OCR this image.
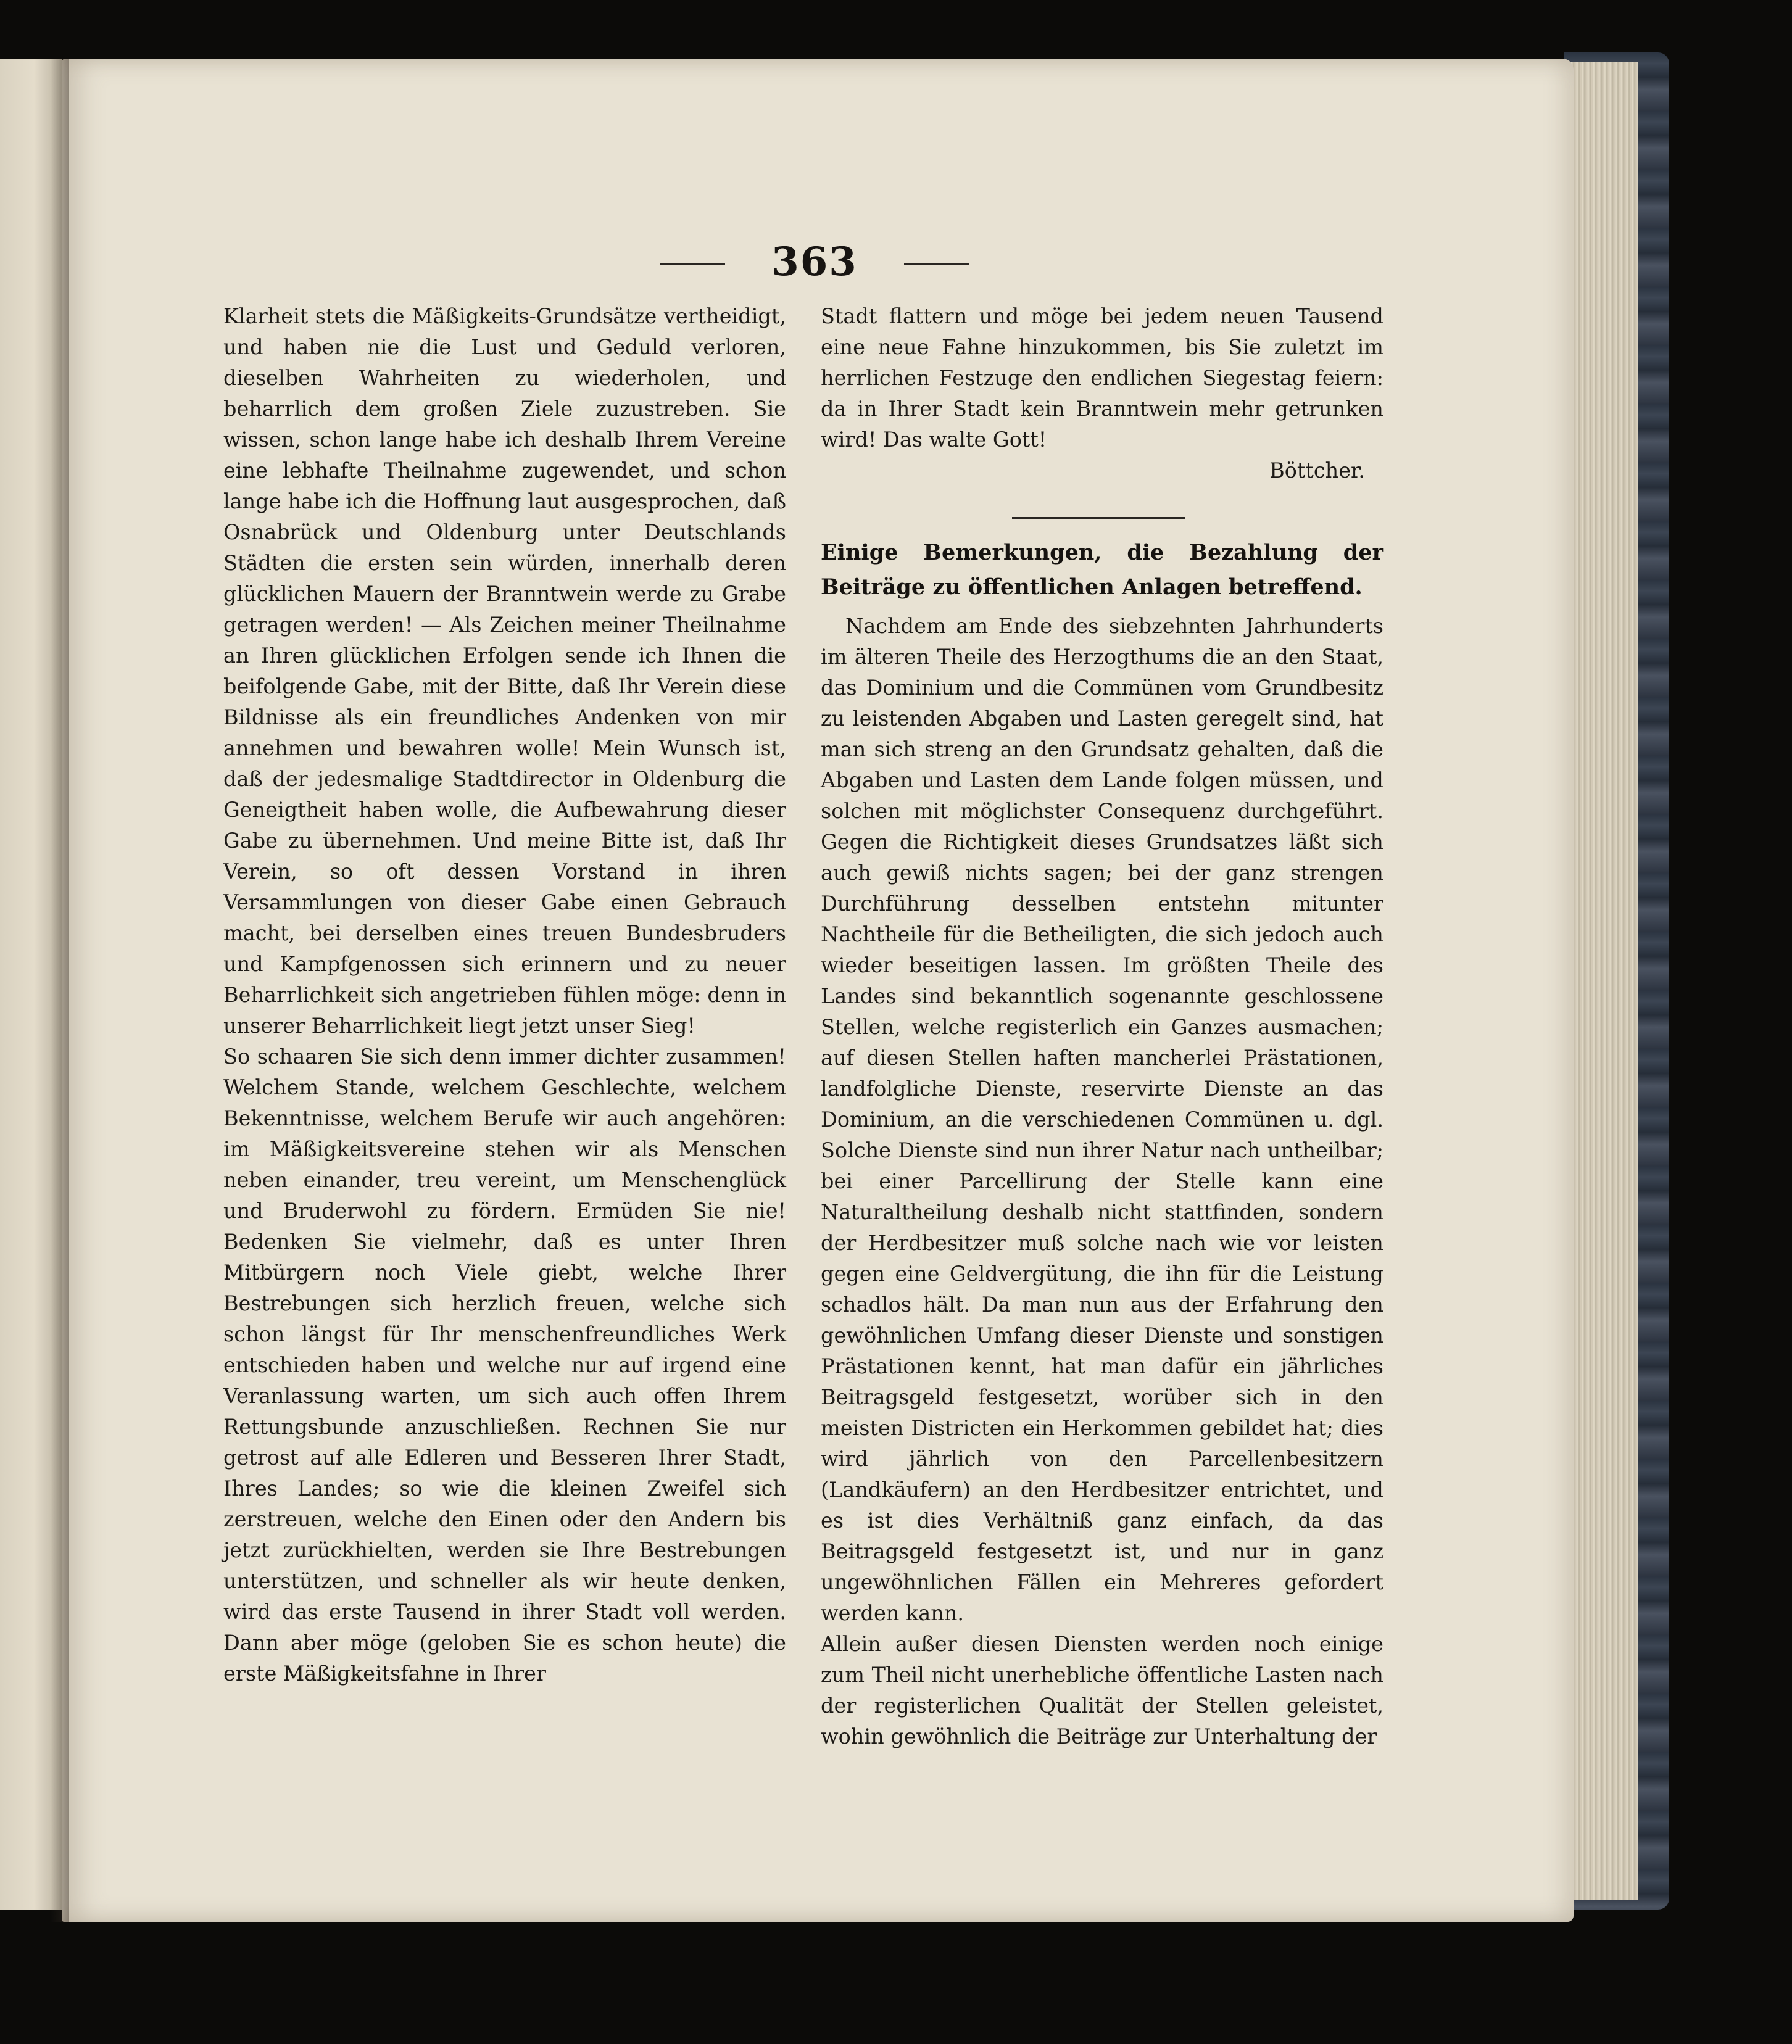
363

Klarheit stets die Mäßigkeits-Grundsätze vertheidigt, und haben nie die Lust und Geduld verloren, dieselben Wahrheiten zu wiederholen, und beharrlich dem großen Ziele zuzustreben. Sie wissen, schon lange habe ich deshalb Ihrem Vereine eine lebhafte Theilnahme zugewendet, und schon lange habe ich die Hoffnung laut ausgesprochen, daß Osnabrück und Oldenburg unter Deutschlands Städten die ersten sein würden, innerhalb deren glücklichen Mauern der Branntwein werde zu Grabe getragen werden! — Als Zeichen meiner Theilnahme an Ihren glücklichen Erfolgen sende ich Ihnen die beifolgende Gabe, mit der Bitte, daß Ihr Verein diese Bildnisse als ein freundliches Andenken von mir annehmen und bewahren wolle! Mein Wunsch ist, daß der jedesmalige Stadtdirector in Oldenburg die Geneigtheit haben wolle, die Aufbewahrung dieser Gabe zu übernehmen. Und meine Bitte ist, daß Ihr Verein, so oft dessen Vorstand in ihren Versammlungen von dieser Gabe einen Gebrauch macht, bei derselben eines treuen Bundesbruders und Kampfgenossen sich erinnern und zu neuer Beharrlichkeit sich angetrieben fühlen möge: denn in unserer Beharrlichkeit liegt jetzt unser Sieg!

So schaaren Sie sich denn immer dichter zusammen! Welchem Stande, welchem Geschlechte, welchem Bekenntnisse, welchem Berufe wir auch angehören: im Mäßigkeitsvereine stehen wir als Menschen neben einander, treu vereint, um Menschenglück und Bruderwohl zu fördern. Ermüden Sie nie! Bedenken Sie vielmehr, daß es unter Ihren Mitbürgern noch Viele giebt, welche Ihrer Bestrebungen sich herzlich freuen, welche sich schon längst für Ihr menschenfreundliches Werk entschieden haben und welche nur auf irgend eine Veranlassung warten, um sich auch offen Ihrem Rettungsbunde anzuschließen. Rechnen Sie nur getrost auf alle Edleren und Besseren Ihrer Stadt, Ihres Landes; so wie die kleinen Zweifel sich zerstreuen, welche den Einen oder den Andern bis jetzt zurückhielten, werden sie Ihre Bestrebungen unterstützen, und schneller als wir heute denken, wird das erste Tausend in ihrer Stadt voll werden. Dann aber möge (geloben Sie es schon heute) die erste Mäßigkeitsfahne in Ihrer

Stadt flattern und möge bei jedem neuen Tausend eine neue Fahne hinzukommen, bis Sie zuletzt im herrlichen Festzuge den endlichen Siegestag feiern: da in Ihrer Stadt kein Branntwein mehr getrunken wird! Das walte Gott!

Böttcher.

Einige Bemerkungen, die Bezahlung der Beiträge zu öffentlichen Anlagen betreffend.

Nachdem am Ende des siebzehnten Jahrhunderts im älteren Theile des Herzogthums die an den Staat, das Dominium und die Commünen vom Grundbesitz zu leistenden Abgaben und Lasten geregelt sind, hat man sich streng an den Grundsatz gehalten, daß die Abgaben und Lasten dem Lande folgen müssen, und solchen mit möglichster Consequenz durchgeführt. Gegen die Richtigkeit dieses Grundsatzes läßt sich auch gewiß nichts sagen; bei der ganz strengen Durchführung desselben entstehn mitunter Nachtheile für die Betheiligten, die sich jedoch auch wieder beseitigen lassen. Im größten Theile des Landes sind bekanntlich sogenannte geschlossene Stellen, welche registerlich ein Ganzes ausmachen; auf diesen Stellen haften mancherlei Prästationen, landfolgliche Dienste, reservirte Dienste an das Dominium, an die verschiedenen Commünen u. dgl. Solche Dienste sind nun ihrer Natur nach untheilbar; bei einer Parcellirung der Stelle kann eine Naturaltheilung deshalb nicht stattfinden, sondern der Herdbesitzer muß solche nach wie vor leisten gegen eine Geldvergütung, die ihn für die Leistung schadlos hält. Da man nun aus der Erfahrung den gewöhnlichen Umfang dieser Dienste und sonstigen Prästationen kennt, hat man dafür ein jährliches Beitragsgeld festgesetzt, worüber sich in den meisten Districten ein Herkommen gebildet hat; dies wird jährlich von den Parcellenbesitzern (Landkäufern) an den Herdbesitzer entrichtet, und es ist dies Verhältniß ganz einfach, da das Beitragsgeld festgesetzt ist, und nur in ganz ungewöhnlichen Fällen ein Mehreres gefordert werden kann.

Allein außer diesen Diensten werden noch einige zum Theil nicht unerhebliche öffentliche Lasten nach der registerlichen Qualität der Stellen geleistet, wohin gewöhnlich die Beiträge zur Unterhaltung der
